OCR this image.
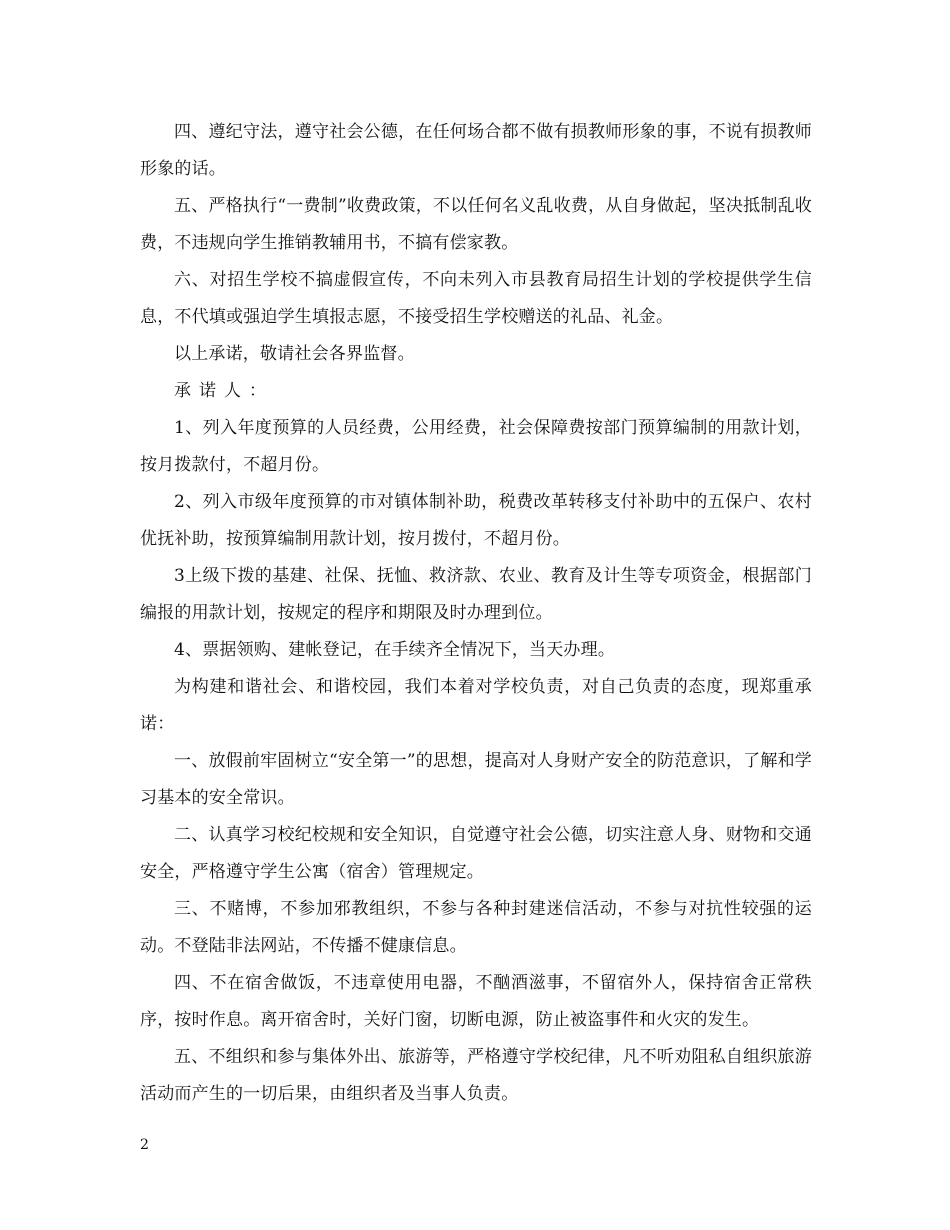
四、遵纪守法，遵守社会公德，在任何场合都不做有损教师形象的事，不说有损教师形象的话。

五、严格执行“一费制”收费政策，不以任何名义乱收费，从自身做起，坚决抵制乱收费，不违规向学生推销教辅用书，不搞有偿家教。

六、对招生学校不搞虚假宣传，不向未列入市县教育局招生计划的学校提供学生信息，不代填或强迫学生填报志愿，不接受招生学校赠送的礼品、礼金。

以上承诺，敬请社会各界监督。

承诺人：

1、列入年度预算的人员经费，公用经费，社会保障费按部门预算编制的用款计划，按月拨款付，不超月份。

2、列入市级年度预算的市对镇体制补助，税费改革转移支付补助中的五保户、农村优抚补助，按预算编制用款计划，按月拨付，不超月份。

3上级下拨的基建、社保、抚恤、救济款、农业、教育及计生等专项资金，根据部门编报的用款计划，按规定的程序和期限及时办理到位。

4、票据领购、建帐登记，在手续齐全情况下，当天办理。

为构建和谐社会、和谐校园，我们本着对学校负责，对自己负责的态度，现郑重承诺：

一、放假前牢固树立“安全第一”的思想，提高对人身财产安全的防范意识，了解和学习基本的安全常识。

二、认真学习校纪校规和安全知识，自觉遵守社会公德，切实注意人身、财物和交通安全，严格遵守学生公寓（宿舍）管理规定。

三、不赌博，不参加邪教组织，不参与各种封建迷信活动，不参与对抗性较强的运动。不登陆非法网站，不传播不健康信息。

四、不在宿舍做饭，不违章使用电器，不酗酒滋事，不留宿外人，保持宿舍正常秩序，按时作息。离开宿舍时，关好门窗，切断电源，防止被盗事件和火灾的发生。

五、不组织和参与集体外出、旅游等，严格遵守学校纪律，凡不听劝阻私自组织旅游活动而产生的一切后果，由组织者及当事人负责。

2
